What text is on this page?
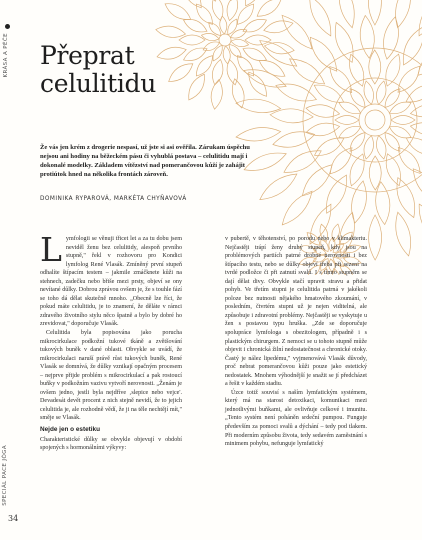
KRÁSA A PÉČE Přeprat
celulitidu

Že vás jen krém z drogerie nespasí, už jste si asi ověřila. Zárukam úspěchu nejsou ani hodiny na běžeckém pásu či vyhublá postava – celulitidu mají i dokonalé modelky. Základem vítězství nad pomerančovou kůží je zahájit protiútok hned na několika frontách zároveň.

DOMINIKA RYPAROVÁ, MARKÉTA CHYŇAVOVÁ

Lymfologii se věnuji třicet let a za tu dobu jsem neviděl ženu bez celulitidy, alespoň prvního stupně," řekl v rozhovoru pro Kondici lymfolog René Vlasák. Zmíněný první stupeň odhalíte štípacím testem – jakmile zmáčknete kůži na stehnech, zadečku nebo břiše mezi prsty, objeví se ony nevítané důlky. Dobrou zprávou ovšem je, že s touhle fází se toho dá dělat skutečně mnoho. „Obecně lze říci, že pokud máte celulitidu, je to znamení, že děláte v rámci zdravého životního stylu něco špatně a bylo by dobré ho zrevidovat," doporučuje Vlasák.

Celulitida byla popisována jako porucha mikrocirkulace podkožní tukové tkáně a zvětšování tukových buněk v dané oblasti. Obvykle se uvádí, že mikrocirkulaci naruší právě růst tukových buněk, René Vlasák se domnívá, že důlky vznikají opačným procesem – nejprve přijde problém s mikrocirkulací a pak rostoucí buňky v podkožním vazivu vytvoří nerovnosti. „Ženám je ovšem jedno, jestli byla nejdříve ‚slepice nebo vejce'. Devadesát devět procent z nich stejně nevidí, že to jejich celulitida je, ale rozhodně vědí, že ji na těle nechtějí mít," směje se Vlasák.

Nejde jen o estetiku

Charakteristické důlky se obvykle objevují v období spojených s hormonálními výkyvy:

v pubertě, v těhotenství, po porodu nebo v klimakteriu. Nejčastěji trápí ženy druhý stupeň, kdy jsou na problémových partiích patrné drobné nerovnosti i bez štípacího testu, nebo se důlky objeví třeba při sezení na tvrdé podložce či při zatnutí svalů. I s tímto stupněm se dají dělat divy. Obvykle stačí upravit stravu a přidat pohyb. Ve třetím stupni je celulitida patrná v jakékoli poloze bez nutnosti nějakého hmatového zkoumání, v posledním, čtvrtém stupni už je nejen viditelná, ale způsobuje i zdravotní problémy. Nejčastěji se vyskytuje u žen s postavou typu hruška. „Zde se doporučuje spolupráce lymfologa s obezitologem, případně i s plastickým chirurgem. Z nemoci se u tohoto stupně může objevit i chronická žilní nedostatečnost a chronické otoky. Častý je nález lipedému," vyjmenovává Vlasák důvody, proč nebrat pomerančovou kůži pouze jako estetický nedostatek. Mnohem výhodnější je snažit se jí předcházet a řešit v každém stadiu.

Úzce totiž souvisí s naším lymfatickým systémem, který má na starost detoxikaci, komunikaci mezi jednotlivými buňkami, ale ovlivňuje celkové i imunitu. „Tento systém není poháněn srdeční pumpou. Funguje především za pomoci svalů a dýchání – tedy pod tlakem. Při moderním způsobu života, tedy sedavém zaměstnání s minimem pohybu, nefunguje lymfatický

SPECIÁL PACE JÓGA
34
